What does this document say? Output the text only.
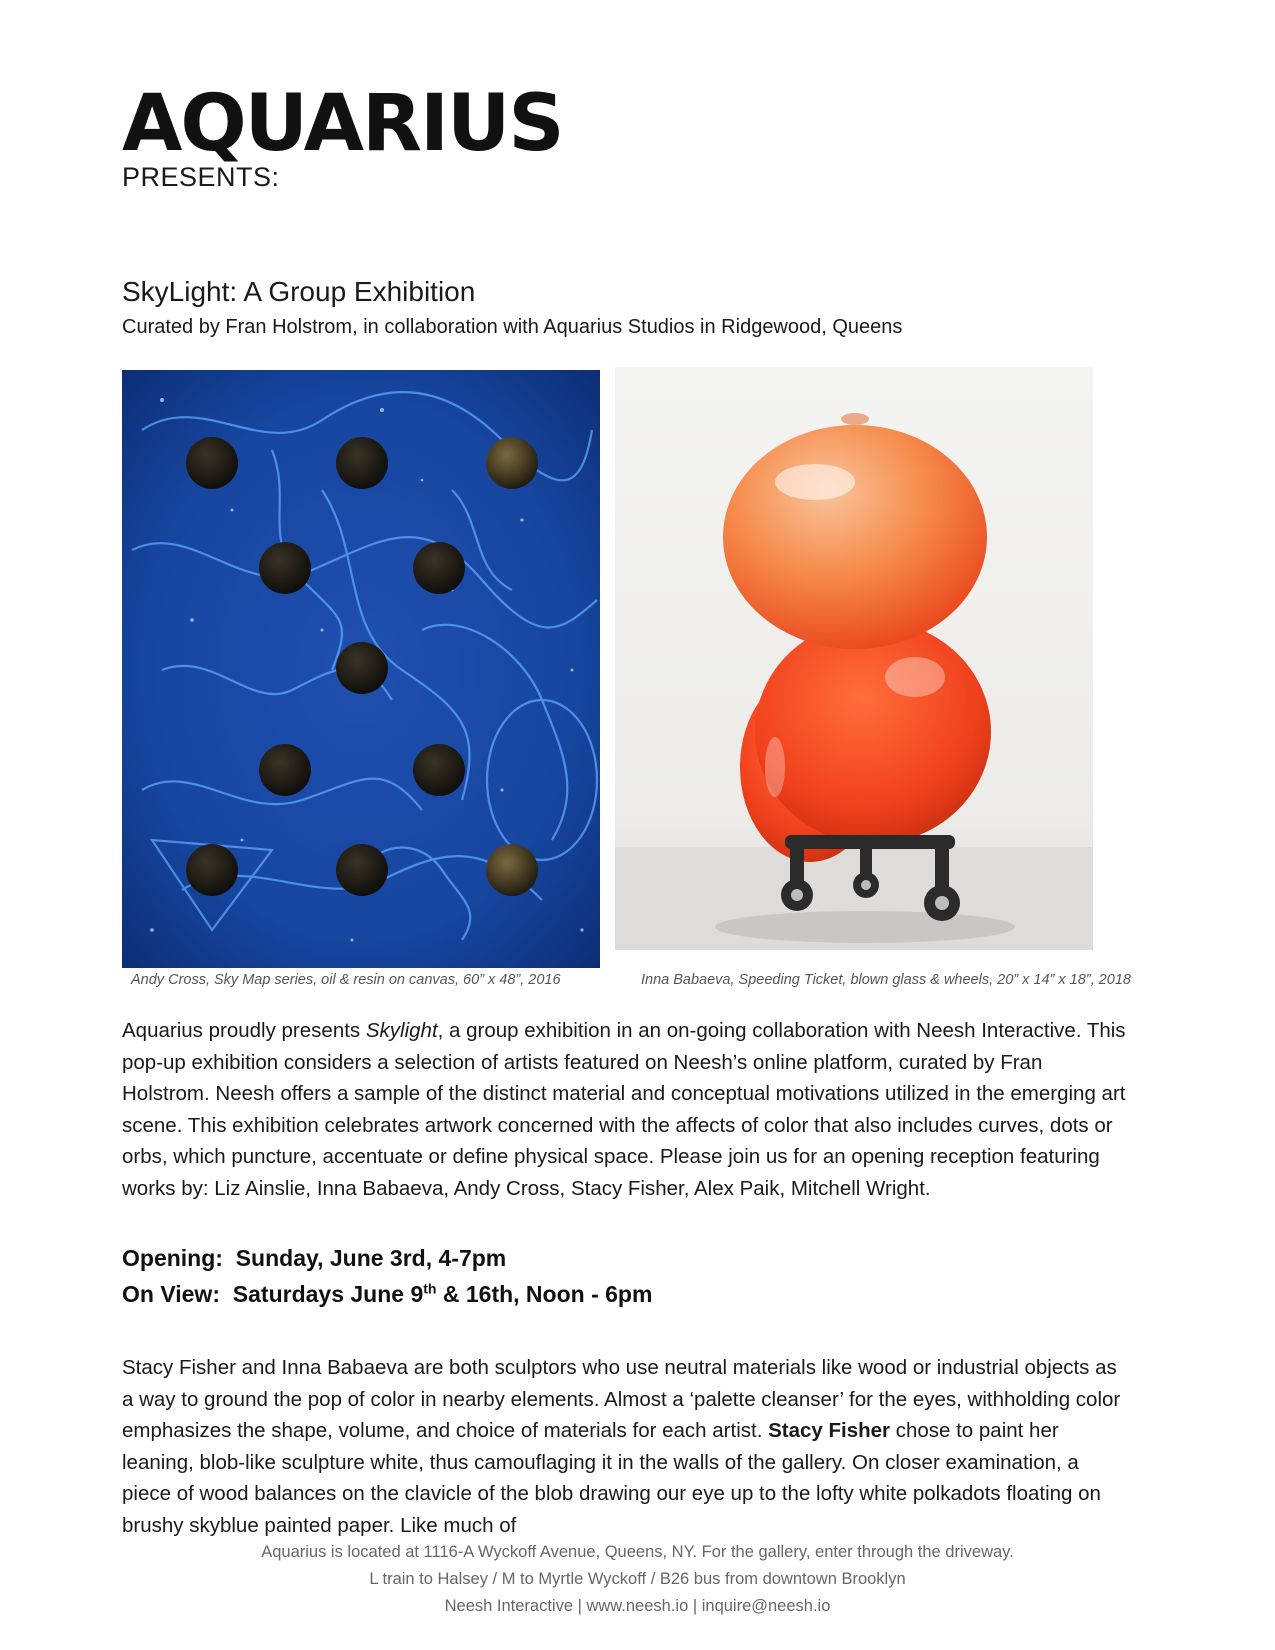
AQUARIUS
PRESENTS:
SkyLight: A Group Exhibition
Curated by Fran Holstrom, in collaboration with Aquarius Studios in Ridgewood, Queens
Andy Cross, Sky Map series, oil & resin on canvas, 60” x 48”, 2016	Inna Babaeva, Speeding Ticket, blown glass & wheels, 20” x 14” x 18”, 2018

Aquarius proudly presents Skylight, a group exhibition in an on-going collaboration with Neesh Interactive. This pop-up exhibition considers a selection of artists featured on Neesh’s online platform, curated by Fran Holstrom. Neesh offers a sample of the distinct material and conceptual motivations utilized in the emerging art scene. This exhibition celebrates artwork concerned with the affects of color that also includes curves, dots or orbs, which puncture, accentuate or define physical space. Please join us for an opening reception featuring works by: Liz Ainslie, Inna Babaeva, Andy Cross, Stacy Fisher, Alex Paik, Mitchell Wright.

Opening: Sunday, June 3rd, 4-7pm
On View: Saturdays June 9th & 16th, Noon - 6pm

Stacy Fisher and Inna Babaeva are both sculptors who use neutral materials like wood or industrial objects as a way to ground the pop of color in nearby elements. Almost a ‘palette cleanser’ for the eyes, withholding color emphasizes the shape, volume, and choice of materials for each artist. Stacy Fisher chose to paint her leaning, blob-like sculpture white, thus camouflaging it in the walls of the gallery. On closer examination, a piece of wood balances on the clavicle of the blob drawing our eye up to the lofty white polkadots floating on brushy skyblue painted paper. Like much of

Aquarius is located at 1116-A Wyckoff Avenue, Queens, NY. For the gallery, enter through the driveway.
L train to Halsey / M to Myrtle Wyckoff / B26 bus from downtown Brooklyn
Neesh Interactive | www.neesh.io | inquire@neesh.io
